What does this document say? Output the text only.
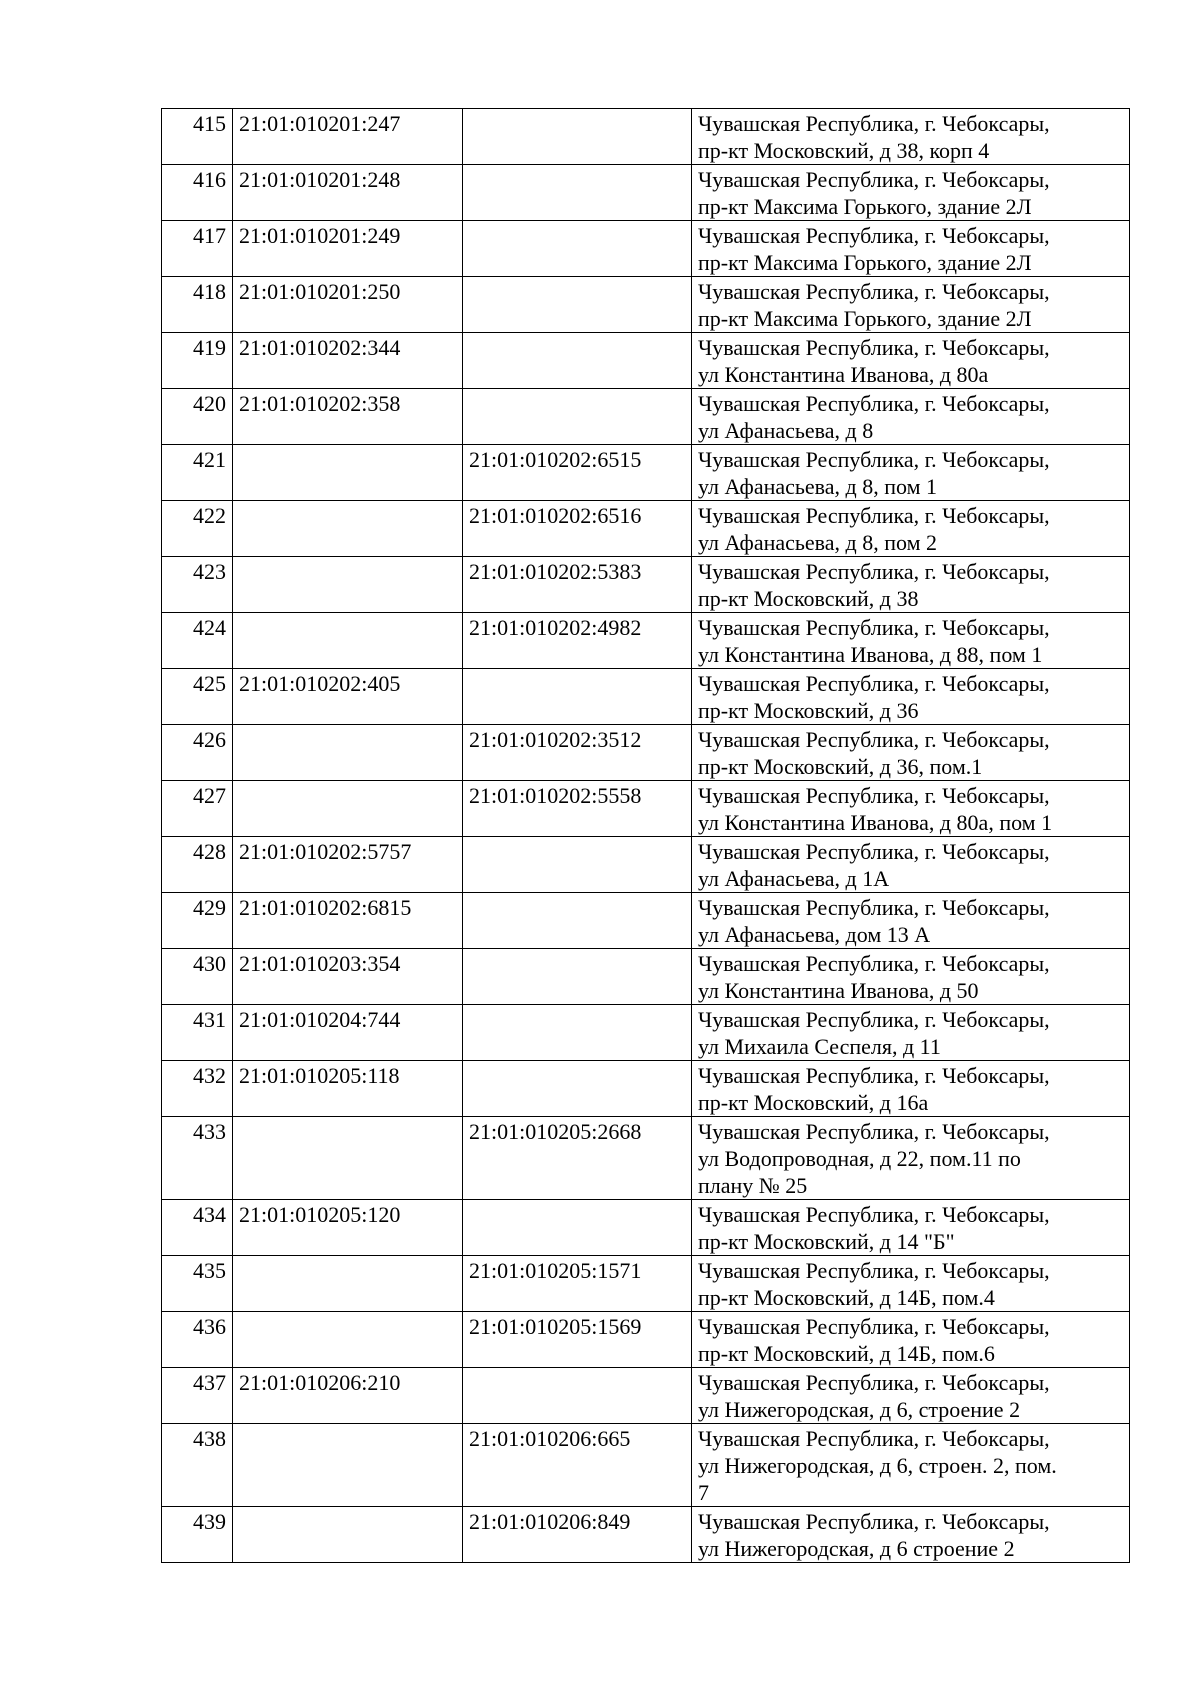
415	21:01:010201:247		Чувашская Республика, г. Чебоксары,
пр-кт Московский, д 38, корп 4

416	21:01:010201:248		Чувашская Республика, г. Чебоксары,
пр-кт Максима Горького, здание 2Л

417	21:01:010201:249		Чувашская Республика, г. Чебоксары,
пр-кт Максима Горького, здание 2Л

418	21:01:010201:250		Чувашская Республика, г. Чебоксары,
пр-кт Максима Горького, здание 2Л

419	21:01:010202:344		Чувашская Республика, г. Чебоксары,
ул Константина Иванова, д 80а

420	21:01:010202:358		Чувашская Республика, г. Чебоксары,
ул Афанасьева, д 8

421		21:01:010202:6515	Чувашская Республика, г. Чебоксары,
ул Афанасьева, д 8, пом 1

422		21:01:010202:6516	Чувашская Республика, г. Чебоксары,
ул Афанасьева, д 8, пом 2

423		21:01:010202:5383	Чувашская Республика, г. Чебоксары,
пр-кт Московский, д 38

424		21:01:010202:4982	Чувашская Республика, г. Чебоксары,
ул Константина Иванова, д 88, пом 1

425	21:01:010202:405		Чувашская Республика, г. Чебоксары,
пр-кт Московский, д 36

426		21:01:010202:3512	Чувашская Республика, г. Чебоксары,
пр-кт Московский, д 36, пом.1

427		21:01:010202:5558	Чувашская Республика, г. Чебоксары,
ул Константина Иванова, д 80а, пом 1

428	21:01:010202:5757		Чувашская Республика, г. Чебоксары,
ул Афанасьева, д 1А

429	21:01:010202:6815		Чувашская Республика, г. Чебоксары,
ул Афанасьева, дом 13 А

430	21:01:010203:354		Чувашская Республика, г. Чебоксары,
ул Константина Иванова, д 50

431	21:01:010204:744		Чувашская Республика, г. Чебоксары,
ул Михаила Сеспеля, д 11

432	21:01:010205:118		Чувашская Республика, г. Чебоксары,
пр-кт Московский, д 16а

433		21:01:010205:2668	Чувашская Республика, г. Чебоксары,
ул Водопроводная, д 22, пом.11 по
плану № 25

434	21:01:010205:120		Чувашская Республика, г. Чебоксары,
пр-кт Московский, д 14 "Б"

435		21:01:010205:1571	Чувашская Республика, г. Чебоксары,
пр-кт Московский, д 14Б, пом.4

436		21:01:010205:1569	Чувашская Республика, г. Чебоксары,
пр-кт Московский, д 14Б, пом.6

437	21:01:010206:210		Чувашская Республика, г. Чебоксары,
ул Нижегородская, д 6, строение 2

438		21:01:010206:665	Чувашская Республика, г. Чебоксары,
ул Нижегородская, д 6, строен. 2, пом.
7

439		21:01:010206:849	Чувашская Республика, г. Чебоксары,
ул Нижегородская, д 6 строение 2
